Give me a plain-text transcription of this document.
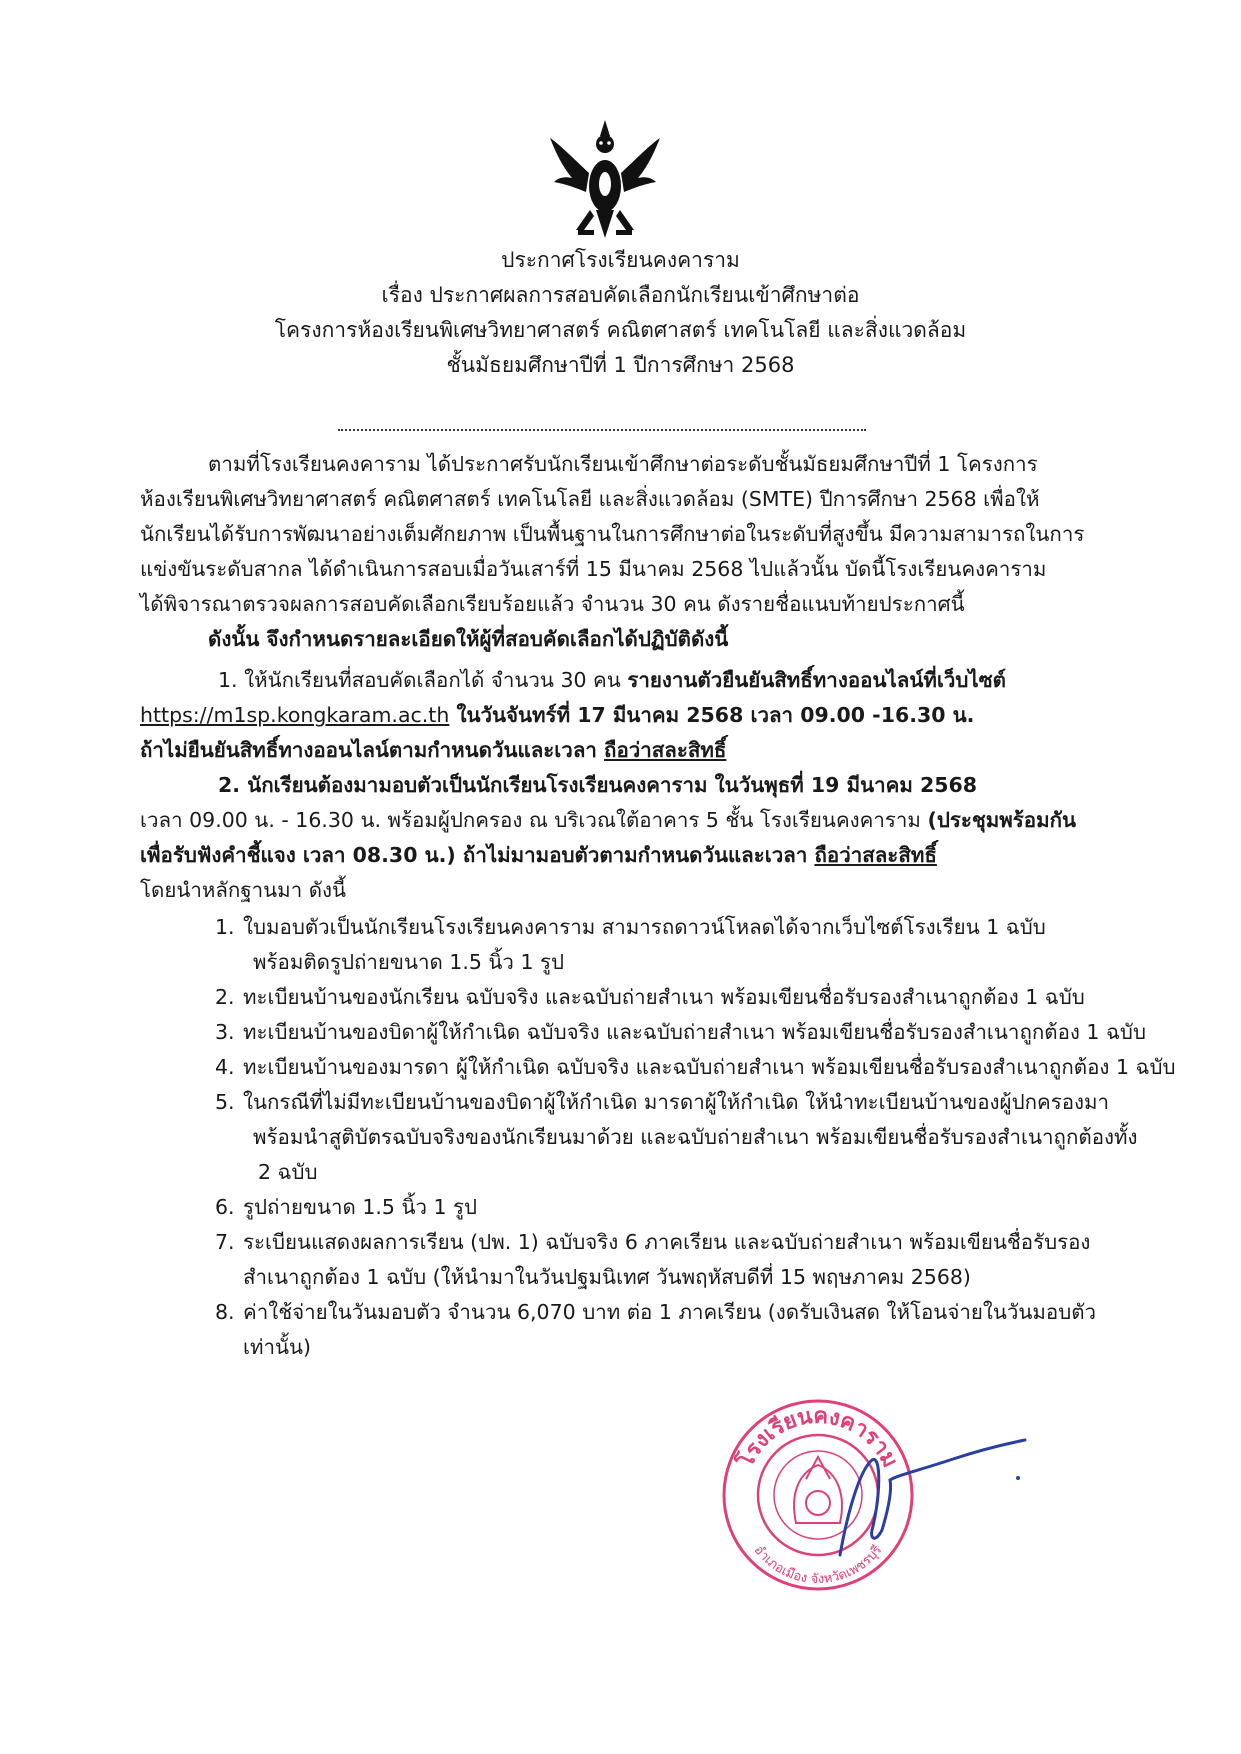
ประกาศโรงเรียนคงคาราม
เรื่อง ประกาศผลการสอบคัดเลือกนักเรียนเข้าศึกษาต่อ
โครงการห้องเรียนพิเศษวิทยาศาสตร์ คณิตศาสตร์ เทคโนโลยี และสิ่งแวดล้อม
ชั้นมัธยมศึกษาปีที่ 1 ปีการศึกษา 2568

ตามที่โรงเรียนคงคาราม ได้ประกาศรับนักเรียนเข้าศึกษาต่อระดับชั้นมัธยมศึกษาปีที่ 1 โครงการ

ห้องเรียนพิเศษวิทยาศาสตร์ คณิตศาสตร์ เทคโนโลยี และสิ่งแวดล้อม (SMTE) ปีการศึกษา 2568 เพื่อให้

นักเรียนได้รับการพัฒนาอย่างเต็มศักยภาพ เป็นพื้นฐานในการศึกษาต่อในระดับที่สูงขึ้น มีความสามารถในการ

แข่งขันระดับสากล ได้ดำเนินการสอบเมื่อวันเสาร์ที่ 15 มีนาคม 2568 ไปแล้วนั้น บัดนี้โรงเรียนคงคาราม

ได้พิจารณาตรวจผลการสอบคัดเลือกเรียบร้อยแล้ว จำนวน 30 คน ดังรายชื่อแนบท้ายประกาศนี้

ดังนั้น จึงกำหนดรายละเอียดให้ผู้ที่สอบคัดเลือกได้ปฏิบัติดังนี้

1. ให้นักเรียนที่สอบคัดเลือกได้ จำนวน 30 คน รายงานตัวยืนยันสิทธิ์ทางออนไลน์ที่เว็บไซต์

https://m1sp.kongkaram.ac.th ในวันจันทร์ที่ 17 มีนาคม 2568 เวลา 09.00 -16.30 น.

ถ้าไม่ยืนยันสิทธิ์ทางออนไลน์ตามกำหนดวันและเวลา ถือว่าสละสิทธิ์

2. นักเรียนต้องมามอบตัวเป็นนักเรียนโรงเรียนคงคาราม ในวันพุธที่ 19 มีนาคม 2568

เวลา 09.00 น. - 16.30 น. พร้อมผู้ปกครอง ณ บริเวณใต้อาคาร 5 ชั้น โรงเรียนคงคาราม (ประชุมพร้อมกัน

เพื่อรับฟังคำชี้แจง เวลา 08.30 น.) ถ้าไม่มามอบตัวตามกำหนดวันและเวลา ถือว่าสละสิทธิ์

โดยนำหลักฐานมา ดังนี้

1. ใบมอบตัวเป็นนักเรียนโรงเรียนคงคาราม สามารถดาวน์โหลดได้จากเว็บไซต์โรงเรียน 1 ฉบับ
พร้อมติดรูปถ่ายขนาด 1.5 นิ้ว 1 รูป
2. ทะเบียนบ้านของนักเรียน ฉบับจริง และฉบับถ่ายสำเนา พร้อมเขียนชื่อรับรองสำเนาถูกต้อง 1 ฉบับ
3. ทะเบียนบ้านของบิดาผู้ให้กำเนิด ฉบับจริง และฉบับถ่ายสำเนา พร้อมเขียนชื่อรับรองสำเนาถูกต้อง 1 ฉบับ
4. ทะเบียนบ้านของมารดา ผู้ให้กำเนิด ฉบับจริง และฉบับถ่ายสำเนา พร้อมเขียนชื่อรับรองสำเนาถูกต้อง 1 ฉบับ
5. ในกรณีที่ไม่มีทะเบียนบ้านของบิดาผู้ให้กำเนิด มารดาผู้ให้กำเนิด ให้นำทะเบียนบ้านของผู้ปกครองมา
พร้อมนำสูติบัตรฉบับจริงของนักเรียนมาด้วย และฉบับถ่ายสำเนา พร้อมเขียนชื่อรับรองสำเนาถูกต้องทั้ง
2 ฉบับ
6. รูปถ่ายขนาด 1.5 นิ้ว 1 รูป
7. ระเบียนแสดงผลการเรียน (ปพ. 1) ฉบับจริง 6 ภาคเรียน และฉบับถ่ายสำเนา พร้อมเขียนชื่อรับรอง
สำเนาถูกต้อง 1 ฉบับ (ให้นำมาในวันปฐมนิเทศ วันพฤหัสบดีที่ 15 พฤษภาคม 2568)
8. ค่าใช้จ่ายในวันมอบตัว จำนวน 6,070 บาท ต่อ 1 ภาคเรียน (งดรับเงินสด ให้โอนจ่ายในวันมอบตัว
เท่านั้น)
โรงเรียนคงคาราม
อำเภอเมือง จังหวัดเพชรบุรี
